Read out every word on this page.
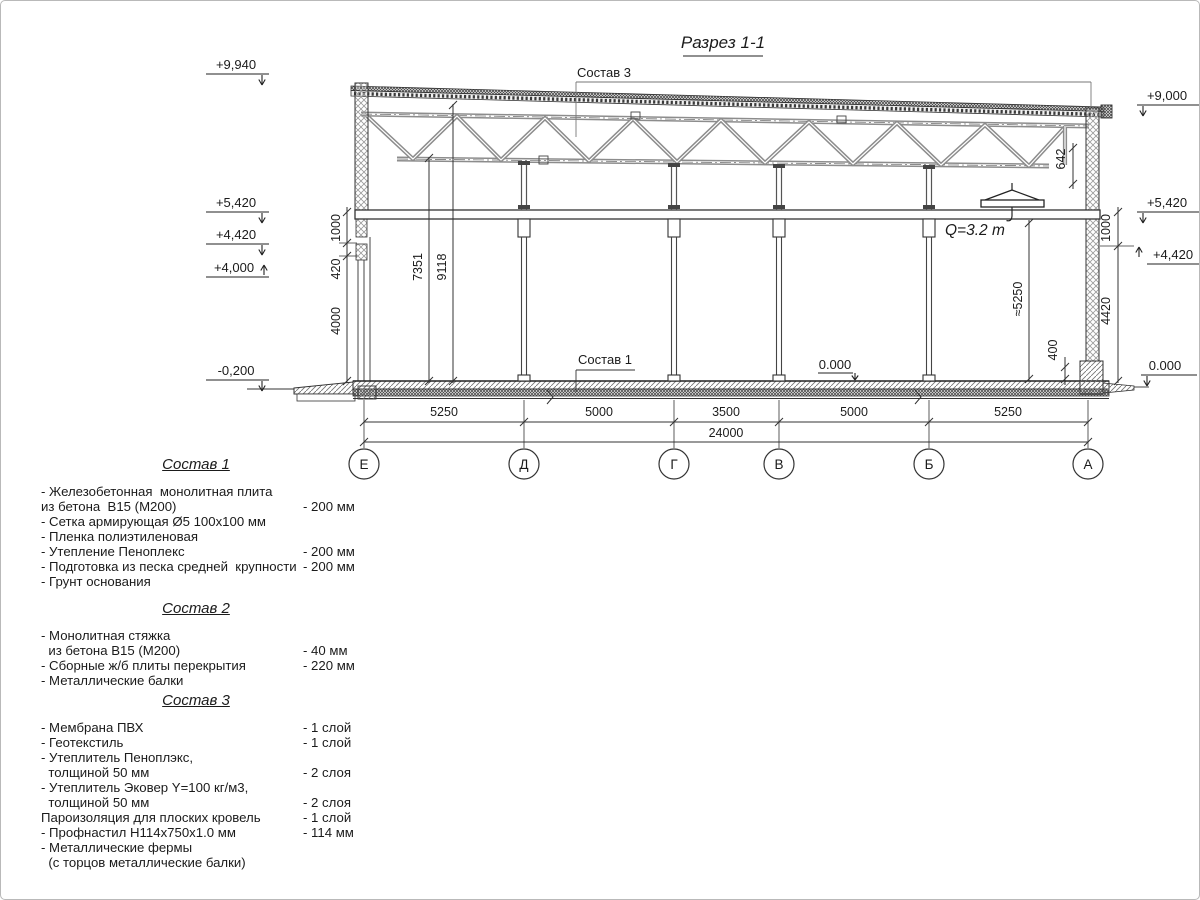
Разрез 1-1
Q=3.2 т
Состав 3
Состав 1
+9,940
+5,420
+4,420
+4,000
-0,200
+9,000
+5,420
+4,420
0.000
0.000
1000
420
4000
7351 9118
642
1000
4420
400
≈5250
5250	5000	3500	5000	5250
24000
Е	Д	Г	В	Б	А
Состав 1
- Железобетонная  монолитная плита
из бетона  В15 (М200)	- 200 мм
- Сетка армирующая Ø5 100х100 мм
- Пленка полиэтиленовая
- Утепление Пеноплекс	- 200 мм
- Подготовка из песка средней  крупности - 200 мм
- Грунт основания
Состав 2
- Монолитная стяжка
из бетона В15 (М200)	- 40 мм
- Сборные ж/б плиты перекрытия	- 220 мм
- Металлические балки
Состав 3
- Мембрана ПВХ	- 1 слой
- Геотекстиль	- 1 слой
- Утеплитель Пеноплэкс,
толщиной 50 мм	- 2 слоя
- Утеплитель Эковер Y=100 кг/м3,
толщиной 50 мм	- 2 слоя
Пароизоляция для плоских кровель	- 1 слой
- Профнастил Н114х750х1.0 мм	- 114 мм
- Металлические фермы
(с торцов металлические балки)
